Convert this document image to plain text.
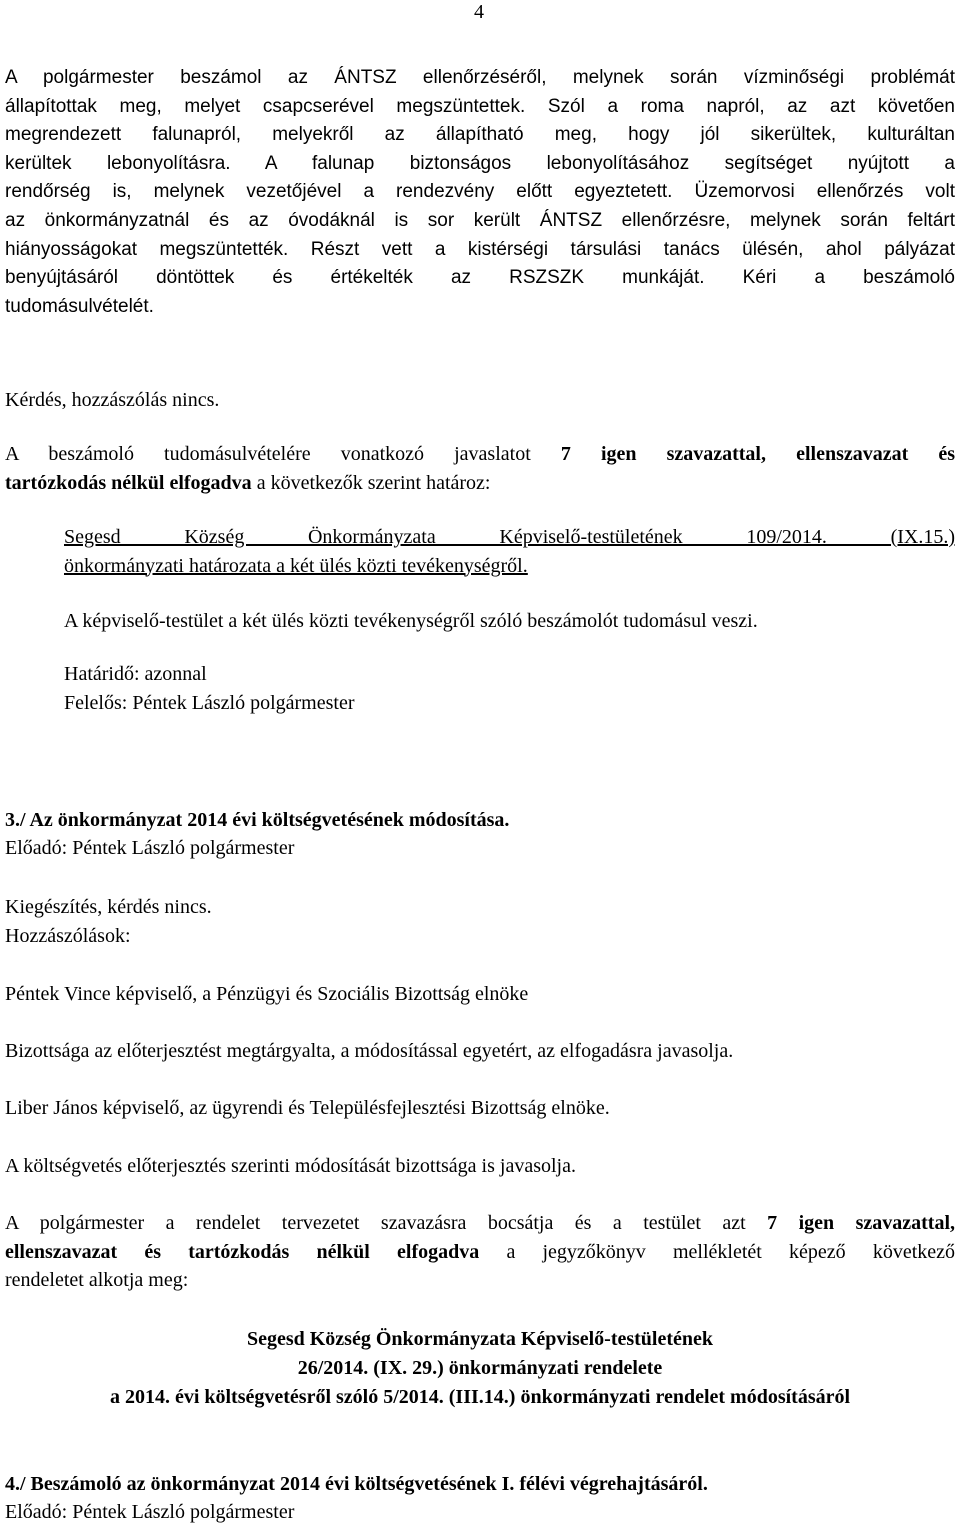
4
A polgármester beszámol az ÁNTSZ ellenőrzéséről, melynek során vízminőségi problémát
állapítottak meg, melyet csapcserével megszüntettek. Szól a roma napról, az azt követően
megrendezett falunapról, melyekről az állapítható meg, hogy jól sikerültek, kulturáltan
kerültek lebonyolításra. A falunap biztonságos lebonyolításához segítséget nyújtott a
rendőrség is, melynek vezetőjével a rendezvény előtt egyeztetett. Üzemorvosi ellenőrzés volt
az önkormányzatnál és az óvodáknál is sor került ÁNTSZ ellenőrzésre, melynek során feltárt
hiányosságokat megszüntették. Részt vett a kistérségi társulási tanács ülésén, ahol pályázat
benyújtásáról döntöttek és értékelték az RSZSZK munkáját. Kéri a beszámoló
tudomásulvételét.
Kérdés, hozzászólás nincs.
A beszámoló tudomásulvételére vonatkozó javaslatot 7 igen szavazattal, ellenszavazat és
tartózkodás nélkül elfogadva a következők szerint határoz:
Segesd Község Önkormányzata Képviselő-testületének 109/2014. (IX.15.)
önkormányzati határozata a két ülés közti tevékenységről.
A képviselő-testület a két ülés közti tevékenységről szóló beszámolót tudomásul veszi.
Határidő: azonnal
Felelős: Péntek László polgármester
3./ Az önkormányzat 2014 évi költségvetésének módosítása.
Előadó: Péntek László polgármester
Kiegészítés, kérdés nincs.
Hozzászólások:
Péntek Vince képviselő, a Pénzügyi és Szociális Bizottság elnöke
Bizottsága az előterjesztést megtárgyalta, a módosítással egyetért, az elfogadásra javasolja.
Liber János képviselő, az ügyrendi és Településfejlesztési Bizottság elnöke.
A költségvetés előterjesztés szerinti módosítását bizottsága is javasolja.
A polgármester a rendelet tervezetet szavazásra bocsátja és a testület azt 7 igen szavazattal,
ellenszavazat és tartózkodás nélkül elfogadva a jegyzőkönyv mellékletét képező következő
rendeletet alkotja meg:
Segesd Község Önkormányzata Képviselő-testületének
26/2014. (IX. 29.) önkormányzati rendelete
a 2014. évi költségvetésről szóló 5/2014. (III.14.) önkormányzati rendelet módosításáról
4./ Beszámoló az önkormányzat 2014 évi költségvetésének I. félévi végrehajtásáról.
Előadó: Péntek László polgármester
